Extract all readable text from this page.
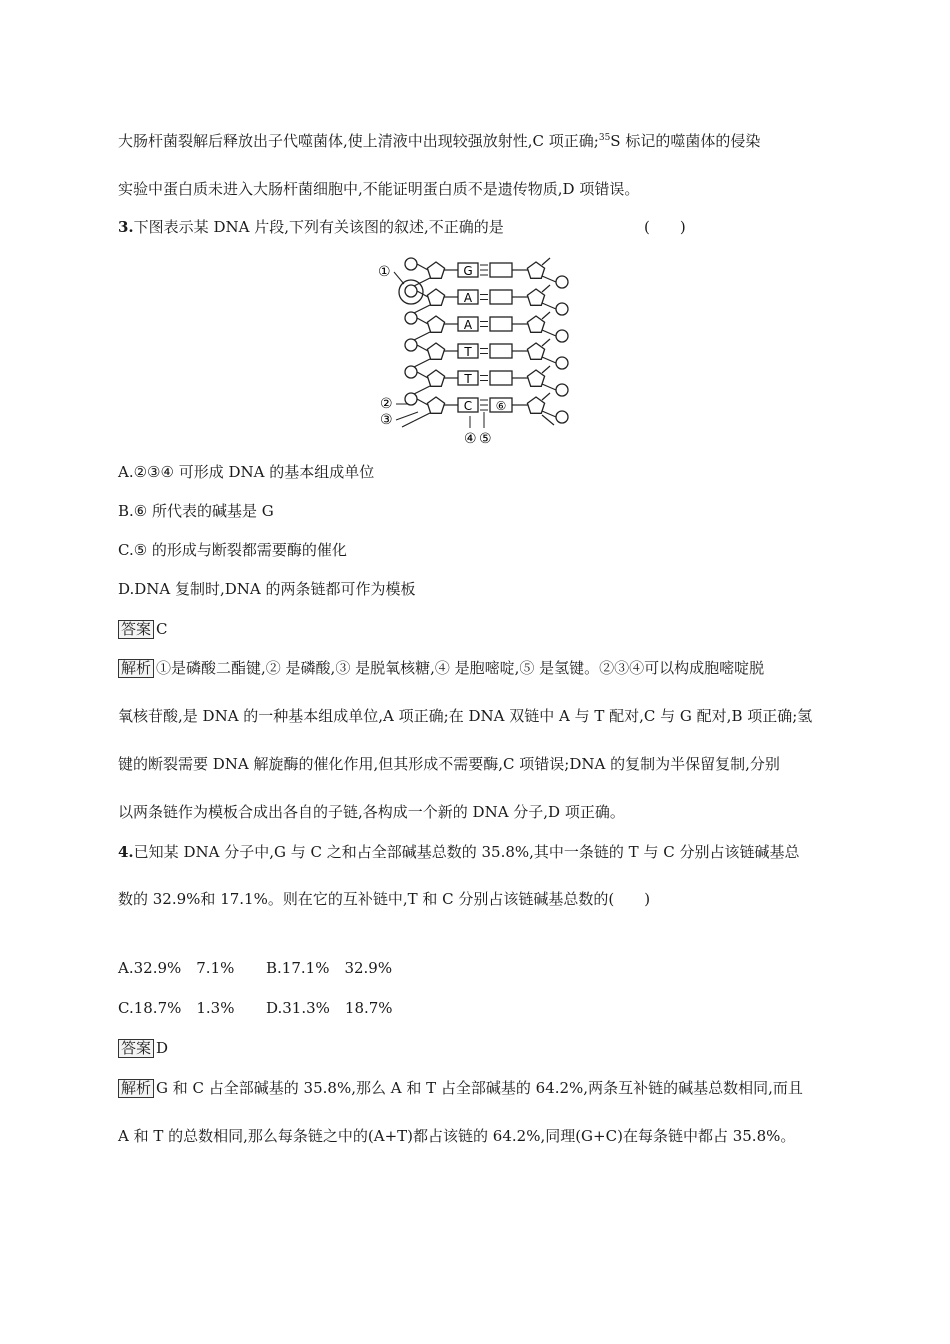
大肠杆菌裂解后释放出子代噬菌体,使上清液中出现较强放射性,C 项正确;$^{35}$S 标记的噬菌体的侵染
实验中蛋白质未进入大肠杆菌细胞中,不能证明蛋白质不是遗传物质,D 项错误。
3.下图表示某 DNA 片段,下列有关该图的叙述,不正确的是	(　　)
G
A
A
T
T
C ⑥
①
②
③
④ ⑤
A.②③④ 可形成 DNA 的基本组成单位
B.⑥ 所代表的碱基是 G
C.⑤ 的形成与断裂都需要酶的催化
D.DNA 复制时,DNA 的两条链都可作为模板
答案 C
解析 ①是磷酸二酯键,② 是磷酸,③ 是脱氧核糖,④ 是胞嘧啶,⑤ 是氢键。②③④可以构成胞嘧啶脱
氧核苷酸,是 DNA 的一种基本组成单位,A 项正确;在 DNA 双链中 A 与 T 配对,C 与 G 配对,B 项正确;氢
键的断裂需要 DNA 解旋酶的催化作用,但其形成不需要酶,C 项错误;DNA 的复制为半保留复制,分别
以两条链作为模板合成出各自的子链,各构成一个新的 DNA 分子,D 项正确。
4.已知某 DNA 分子中,G 与 C 之和占全部碱基总数的 35.8%,其中一条链的 T 与 C 分别占该链碱基总
数的 32.9%和 17.1%。则在它的互补链中,T 和 C 分别占该链碱基总数的(　　)
A.32.9%　7.1% B.17.1%　32.9%
C.18.7%　1.3% D.31.3%　18.7%
答案 D
解析 G 和 C 占全部碱基的 35.8%,那么 A 和 T 占全部碱基的 64.2%,两条互补链的碱基总数相同,而且
A 和 T 的总数相同,那么每条链之中的(A+T)都占该链的 64.2%,同理(G+C)在每条链中都占 35.8%。
